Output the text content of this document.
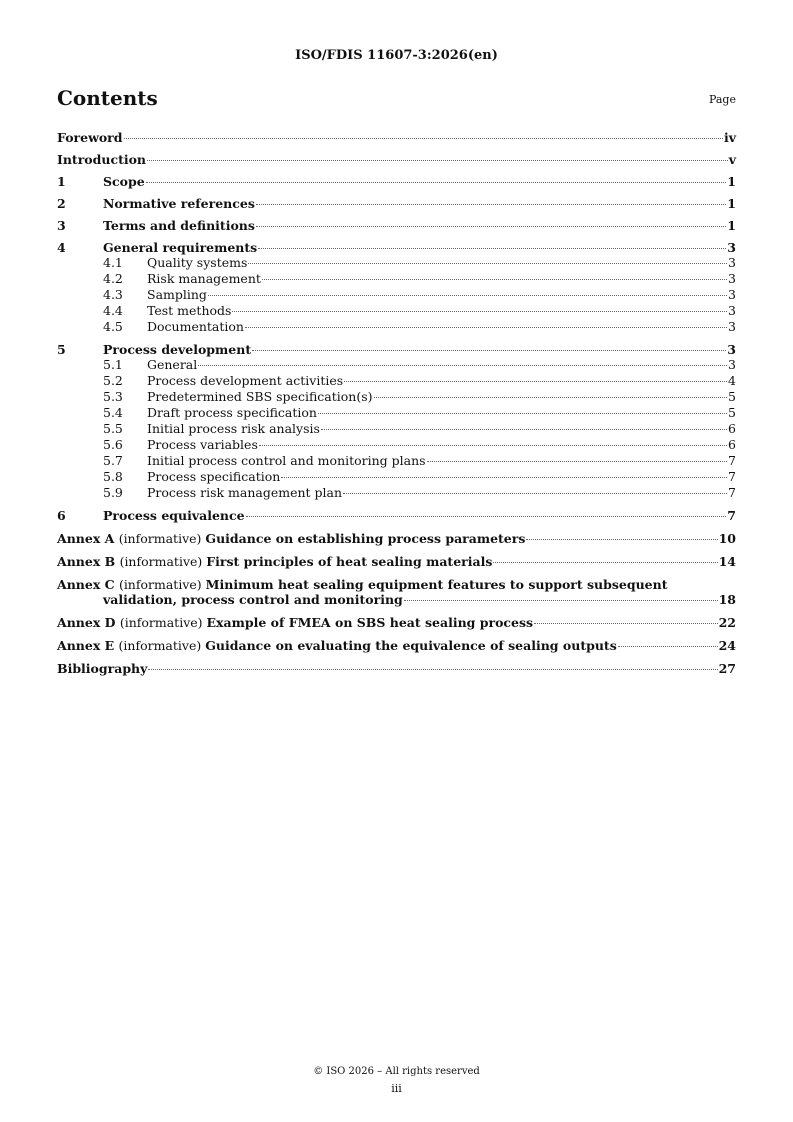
ISO/FDIS 11607-3:2026(en)
Contents	Page
Foreword	iv
Introduction	v
1	Scope	1
2	Normative references	1
3	Terms and definitions	1
4	General requirements	3
4.1	Quality systems	3
4.2	Risk management	3
4.3	Sampling	3
4.4	Test methods	3
4.5	Documentation	3
5	Process development	3
5.1	General	3
5.2	Process development activities	4
5.3	Predetermined SBS specification(s)	5
5.4	Draft process specification	5
5.5	Initial process risk analysis	6
5.6	Process variables	6
5.7	Initial process control and monitoring plans	7
5.8	Process specification	7
5.9	Process risk management plan	7
6	Process equivalence	7
Annex A (informative) Guidance on establishing process parameters	10
Annex B (informative) First principles of heat sealing materials	14
Annex C (informative) Minimum heat sealing equipment features to support subsequent
validation, process control and monitoring	18
Annex D (informative) Example of FMEA on SBS heat sealing process	22
Annex E (informative) Guidance on evaluating the equivalence of sealing outputs	24
Bibliography	27
© ISO 2026 – All rights reserved
iii
